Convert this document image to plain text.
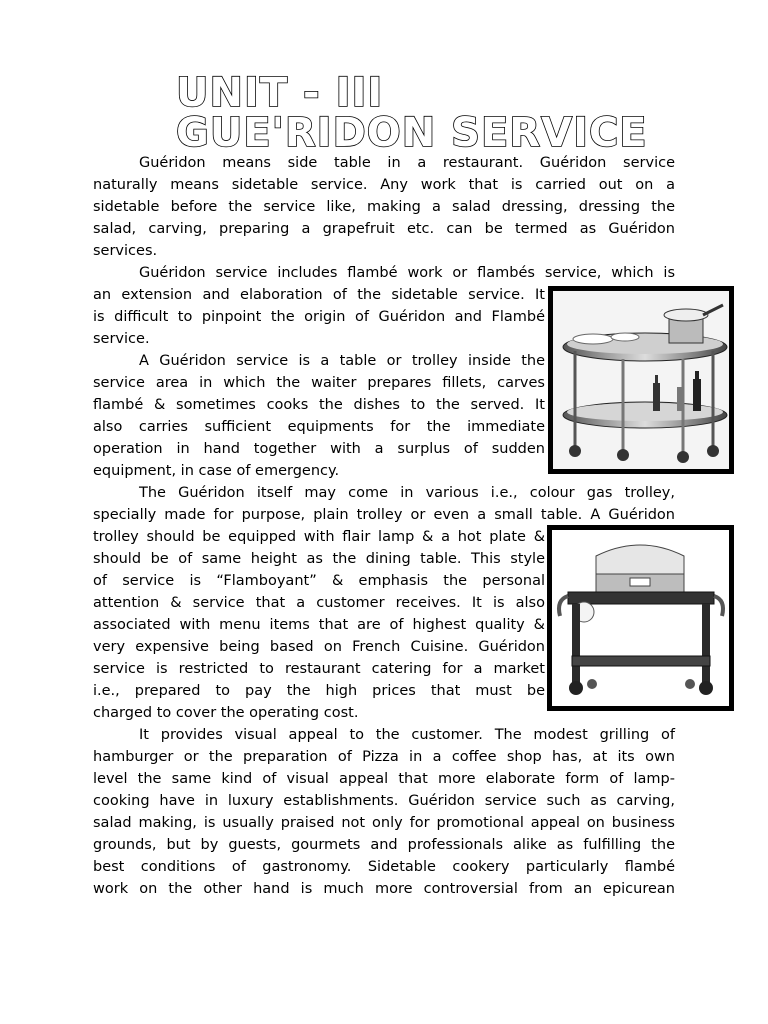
UNIT - III
GUE'RIDON SERVICE

Guéridon means side table in a restaurant. Guéridon service

naturally means sidetable service. Any work that is carried out on a

sidetable before the service like, making a salad dressing, dressing the

salad, carving, preparing a grapefruit etc. can be termed as Guéridon

services.

Guéridon service includes flambé work or flambés service, which is

an extension and elaboration of the sidetable service. It

is difficult to pinpoint the origin of Guéridon and Flambé

service.

A Guéridon service is a table or trolley inside the

service area in which the waiter prepares fillets, carves

flambé & sometimes cooks the dishes to the served. It

also carries sufficient equipments for the immediate

operation in hand together with a surplus of sudden

equipment, in case of emergency.

The Guéridon itself may come in various i.e., colour gas trolley,

specially made for purpose, plain trolley or even a small table. A Guéridon

trolley should be equipped with flair lamp & a hot plate &

should be of same height as the dining table. This style

of service is “Flamboyant” & emphasis the personal

attention & service that a customer receives. It is also

associated with menu items that are of highest quality &

very expensive being based on French Cuisine. Guéridon

service is restricted to restaurant catering for a market

i.e., prepared to pay the high prices that must be

charged to cover the operating cost.

It provides visual appeal to the customer. The modest grilling of

hamburger or the preparation of Pizza in a coffee shop has, at its own

level the same kind of visual appeal that more elaborate form of lamp-

cooking have in luxury establishments. Guéridon service such as carving,

salad making, is usually praised not only for promotional appeal on business

grounds, but by guests, gourmets and professionals alike as fulfilling the

best conditions of gastronomy. Sidetable cookery particularly flambé

work on the other hand is much more controversial from an epicurean
